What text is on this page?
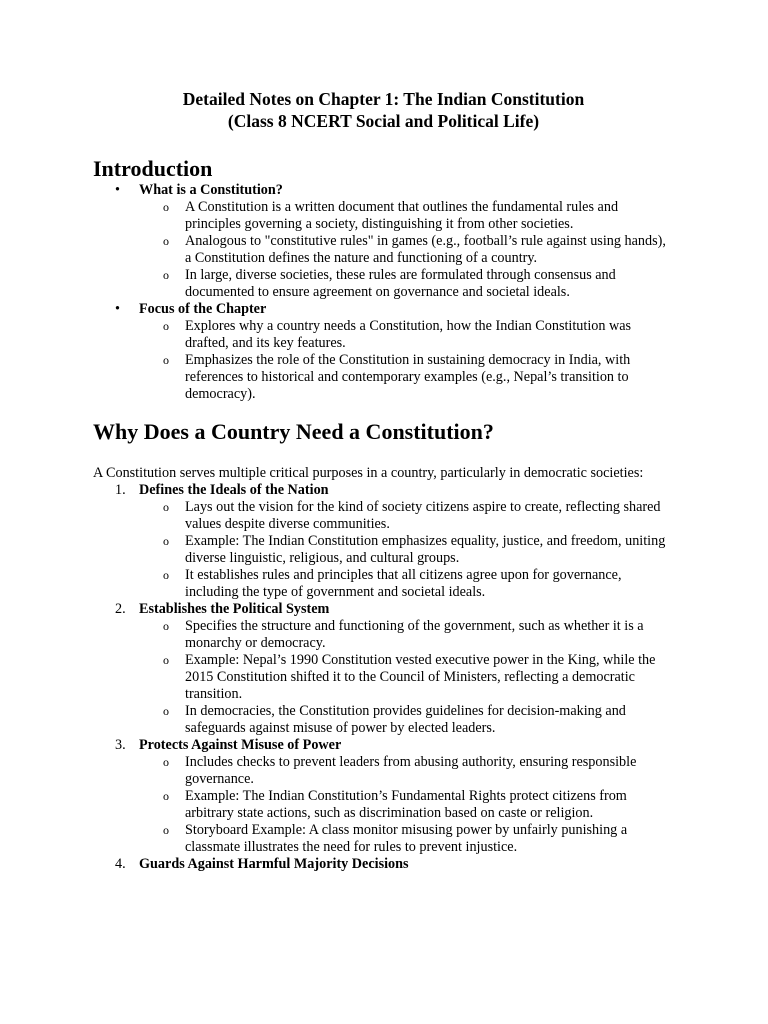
Detailed Notes on Chapter 1: The Indian Constitution

(Class 8 NCERT Social and Political Life)

Introduction
•	What is a Constitution?
o A Constitution is a written document that outlines the fundamental rules and principles governing a society, distinguishing it from other societies.
o Analogous to "constitutive rules" in games (e.g., football’s rule against using hands), a Constitution defines the nature and functioning of a country.
o In large, diverse societies, these rules are formulated through consensus and documented to ensure agreement on governance and societal ideals.
•	Focus of the Chapter
o Explores why a country needs a Constitution, how the Indian Constitution was drafted, and its key features.
o Emphasizes the role of the Constitution in sustaining democracy in India, with references to historical and contemporary examples (e.g., Nepal’s transition to democracy).
Why Does a Country Need a Constitution?

A Constitution serves multiple critical purposes in a country, particularly in democratic societies:

1. Defines the Ideals of the Nation
o Lays out the vision for the kind of society citizens aspire to create, reflecting shared values despite diverse communities.
o Example: The Indian Constitution emphasizes equality, justice, and freedom, uniting diverse linguistic, religious, and cultural groups.
o It establishes rules and principles that all citizens agree upon for governance, including the type of government and societal ideals.
2. Establishes the Political System
o Specifies the structure and functioning of the government, such as whether it is a monarchy or democracy.
o Example: Nepal’s 1990 Constitution vested executive power in the King, while the 2015 Constitution shifted it to the Council of Ministers, reflecting a democratic transition.
o In democracies, the Constitution provides guidelines for decision-making and safeguards against misuse of power by elected leaders.
3. Protects Against Misuse of Power
o Includes checks to prevent leaders from abusing authority, ensuring responsible governance.
o Example: The Indian Constitution’s Fundamental Rights protect citizens from arbitrary state actions, such as discrimination based on caste or religion.
o Storyboard Example: A class monitor misusing power by unfairly punishing a classmate illustrates the need for rules to prevent injustice.
4. Guards Against Harmful Majority Decisions
